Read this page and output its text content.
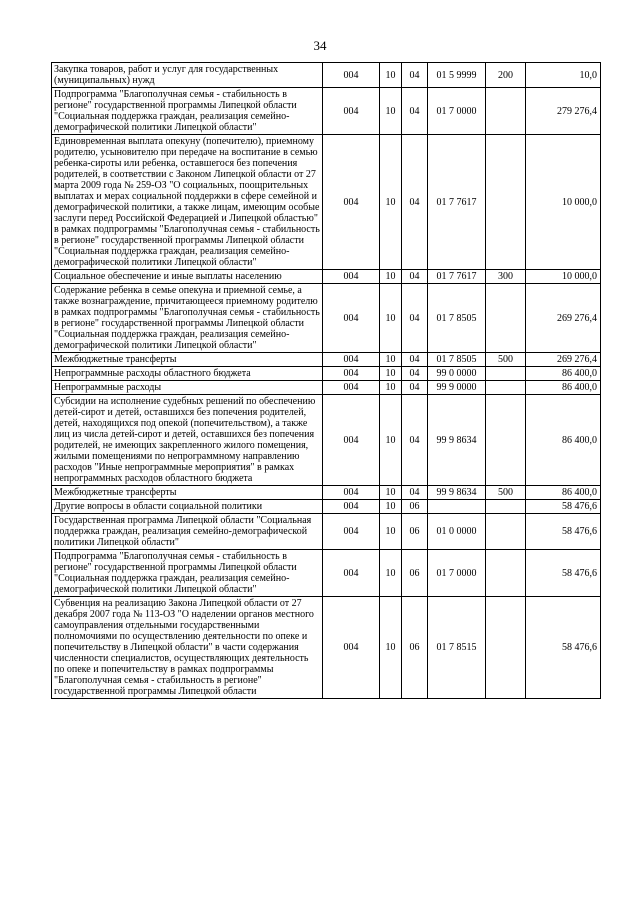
34
Закупка товаров, работ и услуг для государственных (муниципальных) нужд	004	10	04	01 5 9999	200	10,0
Подпрограмма "Благополучная семья - стабильность в регионе" государственной программы Липецкой области "Социальная поддержка граждан, реализация семейно-демографической политики Липецкой области"	004	10	04	01 7 0000		279 276,4
Единовременная выплата опекуну (попечителю), приемному родителю, усыновителю при передаче на воспитание в семью ребенка-сироты или ребенка, оставшегося без попечения родителей, в соответствии с Законом Липецкой области от 27 марта 2009 года № 259-ОЗ "О социальных, поощрительных выплатах и мерах социальной поддержки в сфере семейной и демографической политики, а также лицам, имеющим особые заслуги перед Российской Федерацией и Липецкой областью" в рамках подпрограммы "Благополучная семья - стабильность в регионе" государственной программы Липецкой области "Социальная поддержка граждан, реализация семейно-демографической политики Липецкой области"	004	10	04	01 7 7617		10 000,0
Социальное обеспечение и иные выплаты населению	004	10	04	01 7 7617	300	10 000,0
Содержание ребенка в семье опекуна и приемной семье, а также вознаграждение, причитающееся приемному родителю в рамках подпрограммы "Благополучная семья - стабильность в регионе" государственной программы Липецкой области "Социальная поддержка граждан, реализация семейно-демографической политики Липецкой области"	004	10	04	01 7 8505		269 276,4
Межбюджетные трансферты	004	10	04	01 7 8505	500	269 276,4
Непрограммные расходы областного бюджета	004	10	04	99 0 0000		86 400,0
Непрограммные расходы	004	10	04	99 9 0000		86 400,0
Субсидии на исполнение судебных решений по обеспечению детей-сирот и детей, оставшихся без попечения родителей, детей, находящихся под опекой (попечительством), а также лиц из числа детей-сирот и детей, оставшихся без попечения родителей, не имеющих закрепленного жилого помещения, жилыми помещениями по непрограммному направлению расходов "Иные непрограммные мероприятия" в рамках непрограммных расходов областного бюджета	004	10	04	99 9 8634		86 400,0
Межбюджетные трансферты	004	10	04	99 9 8634	500	86 400,0
Другие вопросы в области социальной политики	004	10	06			58 476,6
Государственная программа Липецкой области "Социальная поддержка граждан, реализация семейно-демографической политики Липецкой области"	004	10	06	01 0 0000		58 476,6
Подпрограмма "Благополучная семья - стабильность в регионе" государственной программы Липецкой области "Социальная поддержка граждан, реализация семейно-демографической политики Липецкой области"	004	10	06	01 7 0000		58 476,6
Субвенция на реализацию Закона Липецкой области от 27 декабря 2007 года № 113-ОЗ "О наделении органов местного самоуправления отдельными государственными полномочиями по осуществлению деятельности по опеке и попечительству в Липецкой области" в части содержания численности специалистов, осуществляющих деятельность по опеке и попечительству в рамках подпрограммы "Благополучная семья - стабильность в регионе" государственной программы Липецкой области	004	10	06	01 7 8515		58 476,6
